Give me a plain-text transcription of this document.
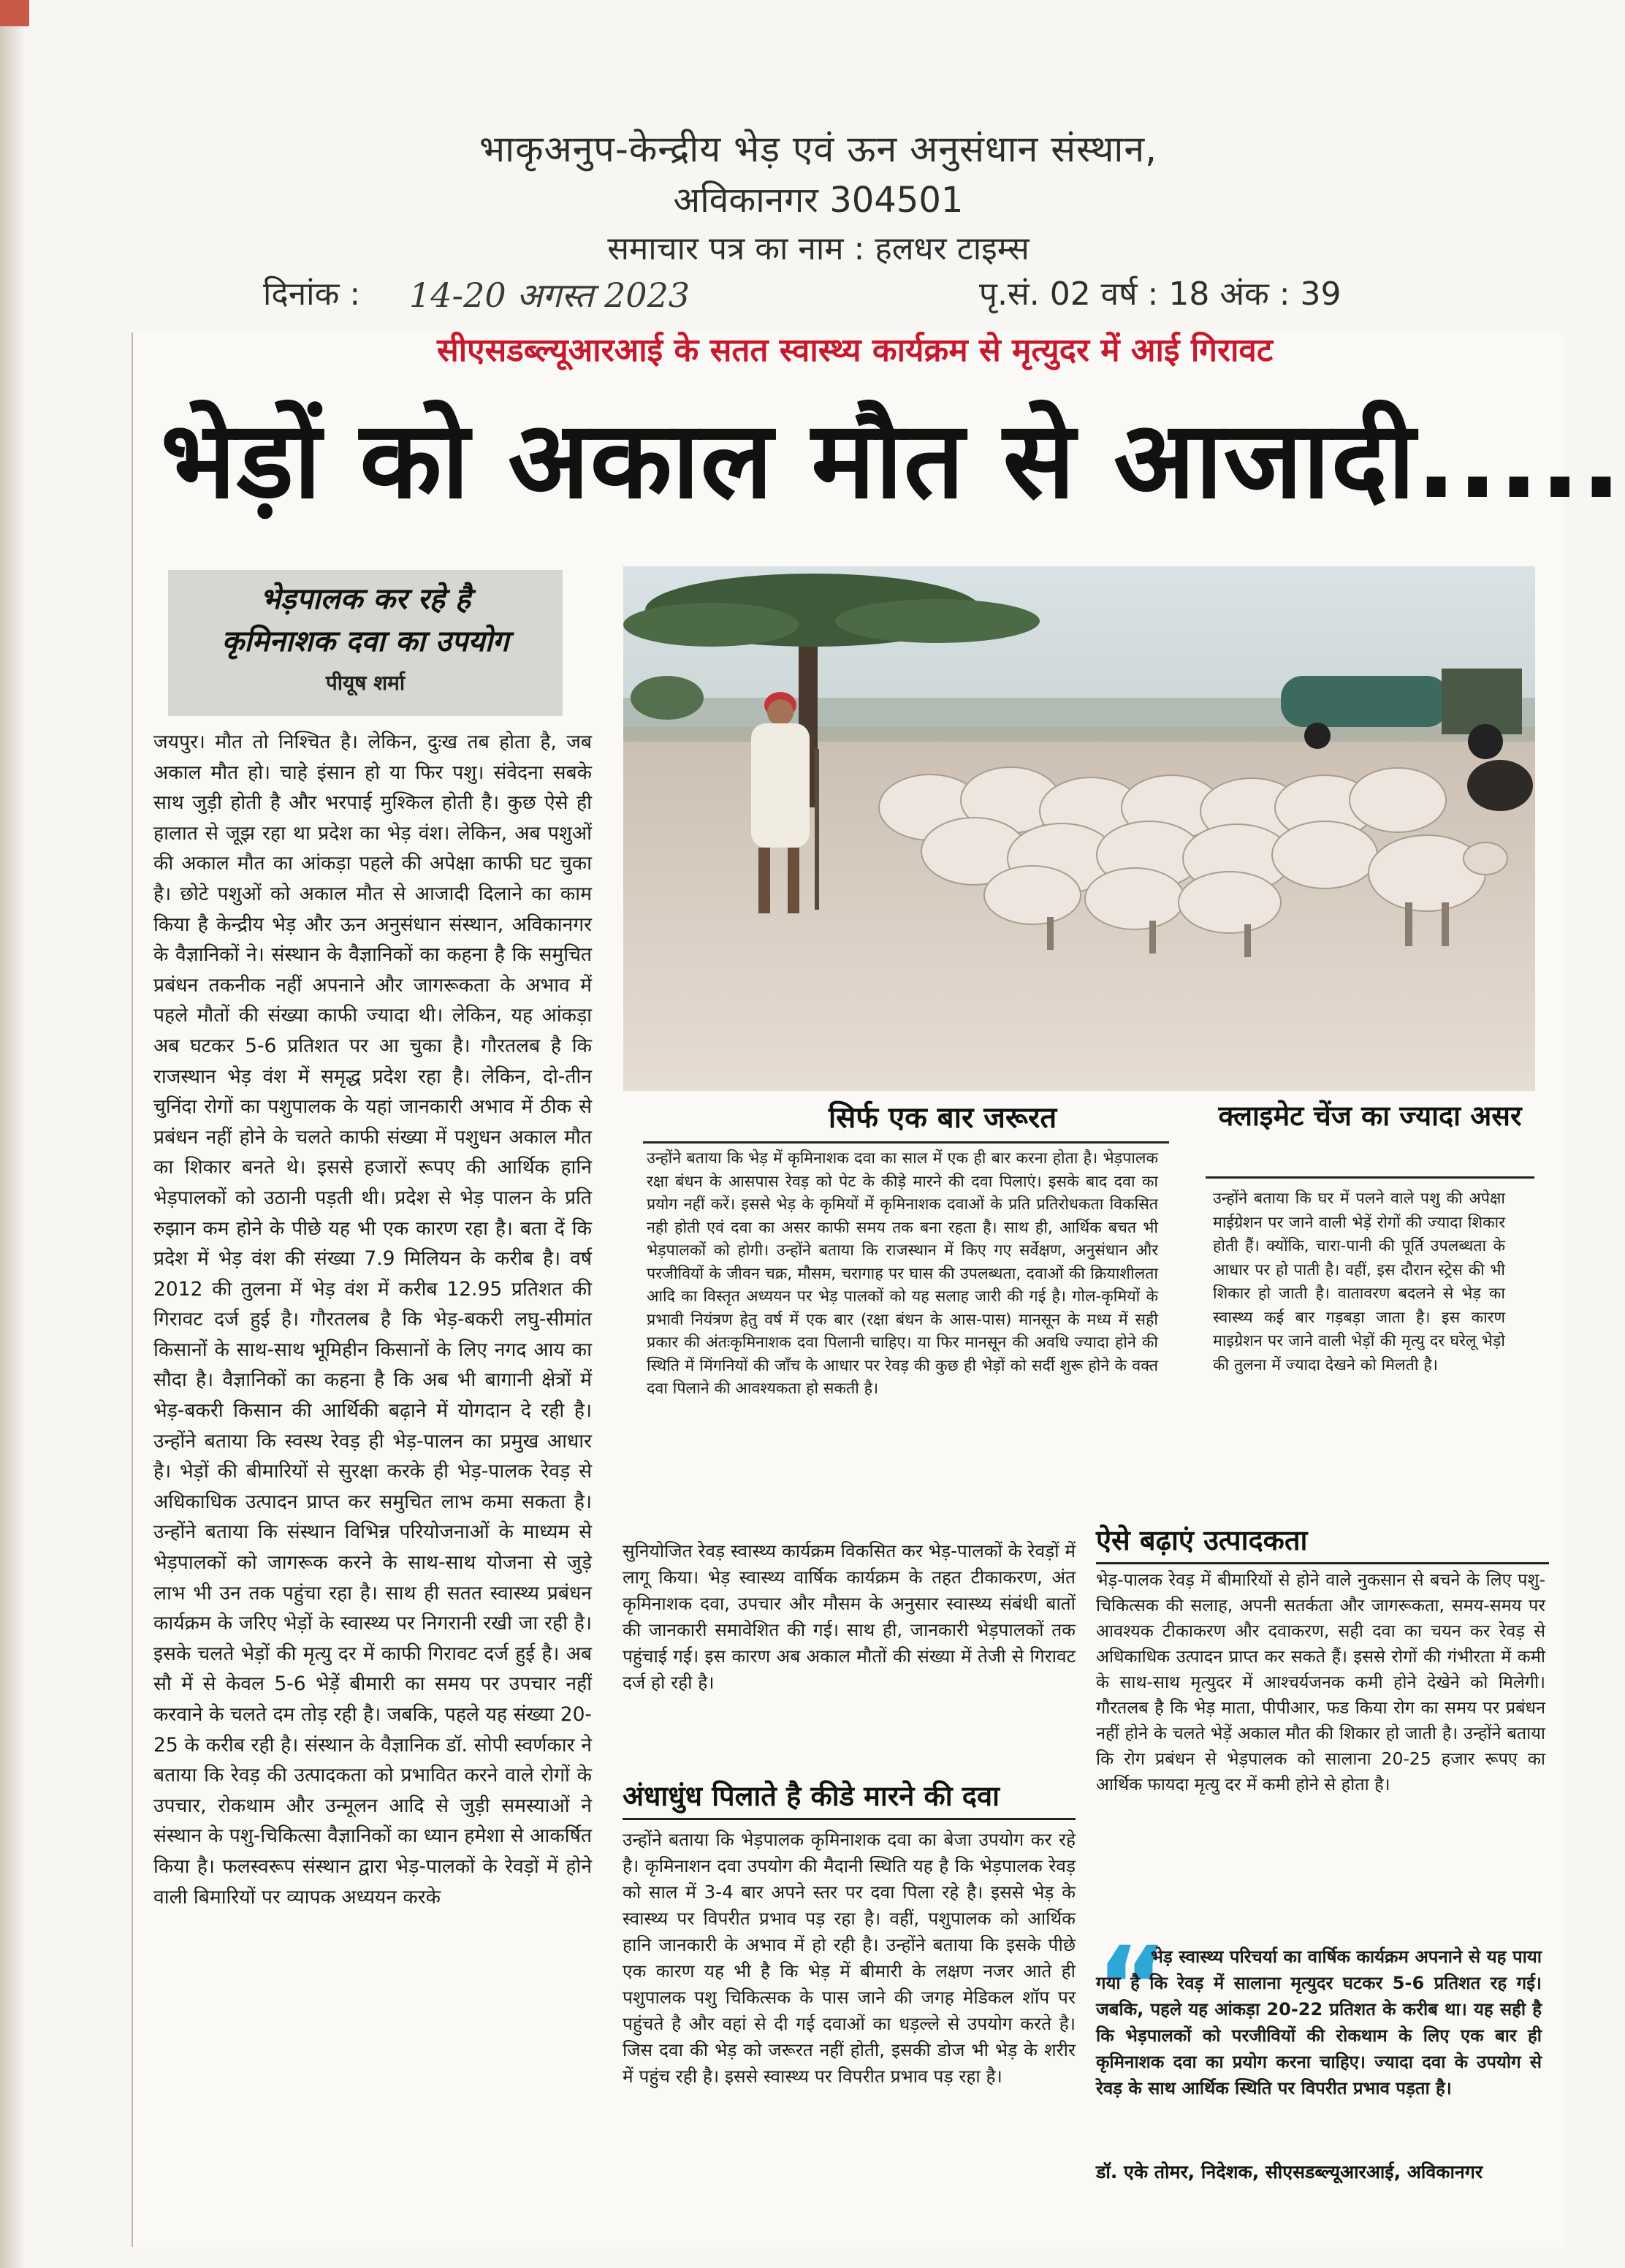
भाकृअनुप-केन्द्रीय भेड़ एवं ऊन अनुसंधान संस्थान,
अविकानगर 304501
समाचार पत्र का नाम : हलधर टाइम्स
दिनांक : 14-20 अगस्त 2023	पृ.सं. 02 वर्ष : 18 अंक : 39
सीएसडब्ल्यूआरआई के सतत स्वास्थ्य कार्यक्रम से मृत्युदर में आई गिरावट
भेड़ों को अकाल मौत से आजादी.....
भेड़पालक कर रहे है
कृमिनाशक दवा का उपयोग
पीयूष शर्मा

जयपुर। मौत तो निश्चित है। लेकिन, दुःख तब होता है, जब अकाल मौत हो। चाहे इंसान हो या फिर पशु। संवेदना सबके साथ जुड़ी होती है और भरपाई मुश्किल होती है। कुछ ऐसे ही हालात से जूझ रहा था प्रदेश का भेड़ वंश। लेकिन, अब पशुओं की अकाल मौत का आंकड़ा पहले की अपेक्षा काफी घट चुका है। छोटे पशुओं को अकाल मौत से आजादी दिलाने का काम किया है केन्द्रीय भेड़ और ऊन अनुसंधान संस्थान, अविकानगर के वैज्ञानिकों ने। संस्थान के वैज्ञानिकों का कहना है कि समुचित प्रबंधन तकनीक नहीं अपनाने और जागरूकता के अभाव में पहले मौतों की संख्या काफी ज्यादा थी। लेकिन, यह आंकड़ा अब घटकर 5-6 प्रतिशत पर आ चुका है। गौरतलब है कि राजस्थान भेड़ वंश में समृद्ध प्रदेश रहा है। लेकिन, दो-तीन चुनिंदा रोगों का पशुपालक के यहां जानकारी अभाव में ठीक से प्रबंधन नहीं होने के चलते काफी संख्या में पशुधन अकाल मौत का शिकार बनते थे। इससे हजारों रूपए की आर्थिक हानि भेड़पालकों को उठानी पड़ती थी। प्रदेश से भेड़ पालन के प्रति रुझान कम होने के पीछे यह भी एक कारण रहा है। बता दें कि प्रदेश में भेड़ वंश की संख्या 7.9 मिलियन के करीब है। वर्ष 2012 की तुलना में भेड़ वंश में करीब 12.95 प्रतिशत की गिरावट दर्ज हुई है। गौरतलब है कि भेड़-बकरी लघु-सीमांत किसानों के साथ-साथ भूमिहीन किसानों के लिए नगद आय का सौदा है। वैज्ञानिकों का कहना है कि अब भी बागानी क्षेत्रों में भेड़-बकरी किसान की आर्थिकी बढ़ाने में योगदान दे रही है। उन्होंने बताया कि स्वस्थ रेवड़ ही भेड़-पालन का प्रमुख आधार है। भेड़ों की बीमारियों से सुरक्षा करके ही भेड़-पालक रेवड़ से अधिकाधिक उत्पादन प्राप्त कर समुचित लाभ कमा सकता है। उन्होंने बताया कि संस्थान विभिन्न परियोजनाओं के माध्यम से भेड़पालकों को जागरूक करने के साथ-साथ योजना से जुड़े लाभ भी उन तक पहुंचा रहा है। साथ ही सतत स्वास्थ्य प्रबंधन कार्यक्रम के जरिए भेड़ों के स्वास्थ्य पर निगरानी रखी जा रही है। इसके चलते भेड़ों की मृत्यु दर में काफी गिरावट दर्ज हुई है। अब सौ में से केवल 5-6 भेड़ें बीमारी का समय पर उपचार नहीं करवाने के चलते दम तोड़ रही है। जबकि, पहले यह संख्या 20-25 के करीब रही है। संस्थान के वैज्ञानिक डॉ. सोपी स्वर्णकार ने बताया कि रेवड़ की उत्पादकता को प्रभावित करने वाले रोगों के उपचार, रोकथाम और उन्मूलन आदि से जुड़ी समस्याओं ने संस्थान के पशु-चिकित्सा वैज्ञानिकों का ध्यान हमेशा से आकर्षित किया है। फलस्वरूप संस्थान द्वारा भेड़-पालकों के रेवड़ों में होने वाली बिमारियों पर व्यापक अध्ययन करके

सिर्फ एक बार जरूरत

उन्होंने बताया कि भेड़ में कृमिनाशक दवा का साल में एक ही बार करना होता है। भेड़पालक रक्षा बंधन के आसपास रेवड़ को पेट के कीड़े मारने की दवा पिलाएं। इसके बाद दवा का प्रयोग नहीं करें। इससे भेड़ के कृमियों में कृमिनाशक दवाओं के प्रति प्रतिरोधकता विकसित नही होती एवं दवा का असर काफी समय तक बना रहता है। साथ ही, आर्थिक बचत भी भेड़पालकों को होगी। उन्होंने बताया कि राजस्थान में किए गए सर्वेक्षण, अनुसंधान और परजीवियों के जीवन चक्र, मौसम, चरागाह पर घास की उपलब्धता, दवाओं की क्रियाशीलता आदि का विस्तृत अध्ययन पर भेड़ पालकों को यह सलाह जारी की गई है। गोल-कृमियों के प्रभावी नियंत्रण हेतु वर्ष में एक बार (रक्षा बंधन के आस-पास) मानसून के मध्य में सही प्रकार की अंतःकृमिनाशक दवा पिलानी चाहिए। या फिर मानसून की अवधि ज्यादा होने की स्थिति में मिंगनियों की जाँच के आधार पर रेवड़ की कुछ ही भेड़ों को सर्दी शुरू होने के वक्त दवा पिलाने की आवश्यकता हो सकती है।

क्लाइमेट चेंज का ज्यादा असर

उन्होंने बताया कि घर में पलने वाले पशु की अपेक्षा माईग्रेशन पर जाने वाली भेड़ें रोगों की ज्यादा शिकार होती हैं। क्योंकि, चारा-पानी की पूर्ति उपलब्धता के आधार पर हो पाती है। वहीं, इस दौरान स्ट्रेस की भी शिकार हो जाती है। वातावरण बदलने से भेड़ का स्वास्थ्य कई बार गड़बड़ा जाता है। इस कारण माइग्रेशन पर जाने वाली भेड़ों की मृत्यु दर घरेलू भेड़ो की तुलना में ज्यादा देखने को मिलती है।

सुनियोजित रेवड़ स्वास्थ्य कार्यक्रम विकसित कर भेड़-पालकों के रेवड़ों में लागू किया। भेड़ स्वास्थ्य वार्षिक कार्यक्रम के तहत टीकाकरण, अंत कृमिनाशक दवा, उपचार और मौसम के अनुसार स्वास्थ्य संबंधी बातों की जानकारी समावेशित की गई। साथ ही, जानकारी भेड़पालकों तक पहुंचाई गई। इस कारण अब अकाल मौतों की संख्या में तेजी से गिरावट दर्ज हो रही है।

अंधाधुंध पिलाते है कीडे मारने की दवा

उन्होंने बताया कि भेड़पालक कृमिनाशक दवा का बेजा उपयोग कर रहे है। कृमिनाशन दवा उपयोग की मैदानी स्थिति यह है कि भेड़पालक रेवड़ को साल में 3-4 बार अपने स्तर पर दवा पिला रहे है। इससे भेड़ के स्वास्थ्य पर विपरीत प्रभाव पड़ रहा है। वहीं, पशुपालक को आर्थिक हानि जानकारी के अभाव में हो रही है। उन्होंने बताया कि इसके पीछे एक कारण यह भी है कि भेड़ में बीमारी के लक्षण नजर आते ही पशुपालक पशु चिकित्सक के पास जाने की जगह मेडिकल शॉप पर पहुंचते है और वहां से दी गई दवाओं का धड़ल्ले से उपयोग करते है। जिस दवा की भेड़ को जरूरत नहीं होती, इसकी डोज भी भेड़ के शरीर में पहुंच रही है। इससे स्वास्थ्य पर विपरीत प्रभाव पड़ रहा है।

ऐसे बढ़ाएं उत्पादकता

भेड़-पालक रेवड़ में बीमारियों से होने वाले नुकसान से बचने के लिए पशु-चिकित्सक की सलाह, अपनी सतर्कता और जागरूकता, समय-समय पर आवश्यक टीकाकरण और दवाकरण, सही दवा का चयन कर रेवड़ से अधिकाधिक उत्पादन प्राप्त कर सकते हैं। इससे रोगों की गंभीरता में कमी के साथ-साथ मृत्युदर में आश्चर्यजनक कमी होने देखेने को मिलेगी। गौरतलब है कि भेड़ माता, पीपीआर, फड किया रोग का समय पर प्रबंधन नहीं होने के चलते भेड़ें अकाल मौत की शिकार हो जाती है। उन्होंने बताया कि रोग प्रबंधन से भेड़पालक को सालाना 20-25 हजार रूपए का आर्थिक फायदा मृत्यु दर में कमी होने से होता है।

“

भेड़ स्वास्थ्य परिचर्या का वार्षिक कार्यक्रम अपनाने से यह पाया गया है कि रेवड़ में सालाना मृत्युदर घटकर 5-6 प्रतिशत रह गई। जबकि, पहले यह आंकड़ा 20-22 प्रतिशत के करीब था। यह सही है कि भेड़पालकों को परजीवियों की रोकथाम के लिए एक बार ही कृमिनाशक दवा का प्रयोग करना चाहिए। ज्यादा दवा के उपयोग से रेवड़ के साथ आर्थिक स्थिति पर विपरीत प्रभाव पड़ता है।

डॉ. एके तोमर, निदेशक, सीएसडब्ल्यूआरआई, अविकानगर
